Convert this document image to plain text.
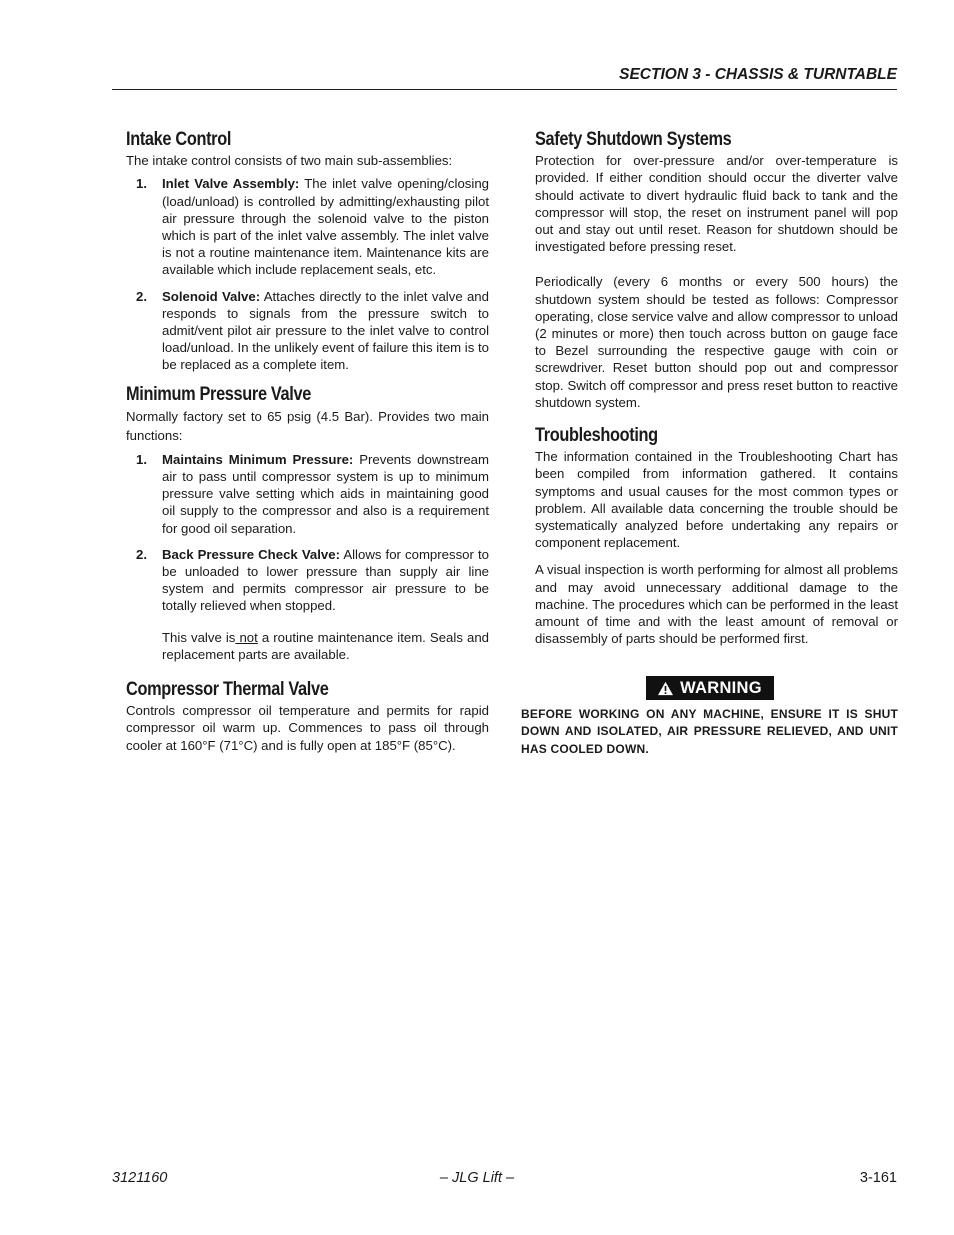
SECTION 3 - CHASSIS & TURNTABLE
Intake Control

The intake control consists of two main sub-assemblies:

1. Inlet Valve Assembly: The inlet valve opening/closing (load/unload) is controlled by admitting/exhausting pilot air pressure through the solenoid valve to the piston which is part of the inlet valve assembly. The inlet valve is not a routine maintenance item. Maintenance kits are available which include replacement seals, etc.
2. Solenoid Valve: Attaches directly to the inlet valve and responds to signals from the pressure switch to admit/vent pilot air pressure to the inlet valve to control load/unload. In the unlikely event of failure this item is to be replaced as a complete item.
Minimum Pressure Valve

Normally factory set to 65 psig (4.5 Bar). Provides two main functions:

1. Maintains Minimum Pressure: Prevents downstream air to pass until compressor system is up to minimum pressure valve setting which aids in maintaining good oil supply to the compressor and also is a requirement for good oil separation.
2. Back Pressure Check Valve: Allows for compressor to be unloaded to lower pressure than supply air line system and permits compressor air pressure to be totally relieved when stopped.

This valve is not a routine maintenance item. Seals and replacement parts are available.

Compressor Thermal Valve

Controls compressor oil temperature and permits for rapid compressor oil warm up. Commences to pass oil through cooler at 160°F (71°C) and is fully open at 185°F (85°C).

Safety Shutdown Systems

Protection for over-pressure and/or over-temperature is provided. If either condition should occur the diverter valve should activate to divert hydraulic fluid back to tank and the compressor will stop, the reset on instrument panel will pop out and stay out until reset. Reason for shutdown should be investigated before pressing reset.

Periodically (every 6 months or every 500 hours) the shutdown system should be tested as follows: Compressor operating, close service valve and allow compressor to unload (2 minutes or more) then touch across button on gauge face to Bezel surrounding the respective gauge with coin or screwdriver. Reset button should pop out and compressor stop. Switch off compressor and press reset button to reactive shutdown system.

Troubleshooting

The information contained in the Troubleshooting Chart has been compiled from information gathered. It contains symptoms and usual causes for the most common types or problem. All available data concerning the trouble should be systematically analyzed before undertaking any repairs or component replacement.

A visual inspection is worth performing for almost all problems and may avoid unnecessary additional damage to the machine. The procedures which can be performed in the least amount of time and with the least amount of removal or disassembly of parts should be performed first.

WARNING
BEFORE WORKING ON ANY MACHINE, ENSURE IT IS SHUT DOWN AND ISOLATED, AIR PRESSURE RELIEVED, AND UNIT HAS COOLED DOWN.
3121160	– JLG Lift –	3-161
